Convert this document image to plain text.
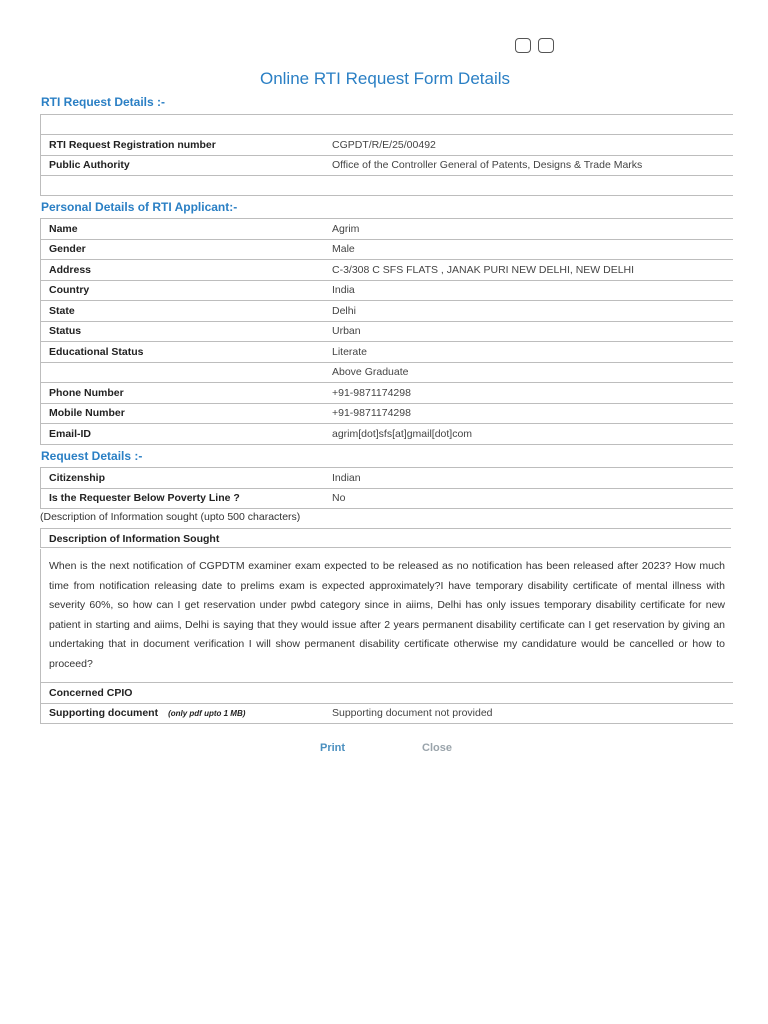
Online RTI Request Form Details
RTI Request Details :-

RTI Request Registration number	CGPDT/R/E/25/00492
Public Authority	Office of the Controller General of Patents, Designs & Trade Marks

Personal Details of RTI Applicant:-
Name	Agrim
Gender	Male
Address	C-3/308 C SFS FLATS , JANAK PURI NEW DELHI, NEW DELHI
Country	India
State	Delhi
Status	Urban
Educational Status	Literate
	Above Graduate
Phone Number	+91-9871174298
Mobile Number	+91-9871174298
Email-ID	agrim[dot]sfs[at]gmail[dot]com
Request Details :-
Citizenship	Indian
Is the Requester Below Poverty Line ?	No
(Description of Information sought (upto 500 characters)
Description of Information Sought
When is the next notification of CGPDTM examiner exam expected to be released as no notification has been released after 2023? How much time from notification releasing date to prelims exam is expected approximately?I have temporary disability certificate of mental illness with severity 60%, so how can I get reservation under pwbd category since in aiims, Delhi has only issues temporary disability certificate for new patient in starting and aiims, Delhi is saying that they would issue after 2 years permanent disability certificate can I get reservation by giving an undertaking that in document verification I will show permanent disability certificate otherwise my candidature would be cancelled or how to proceed?
Concerned CPIO	
Supporting document (only pdf upto 1 MB)	Supporting document not provided
Print	Close
